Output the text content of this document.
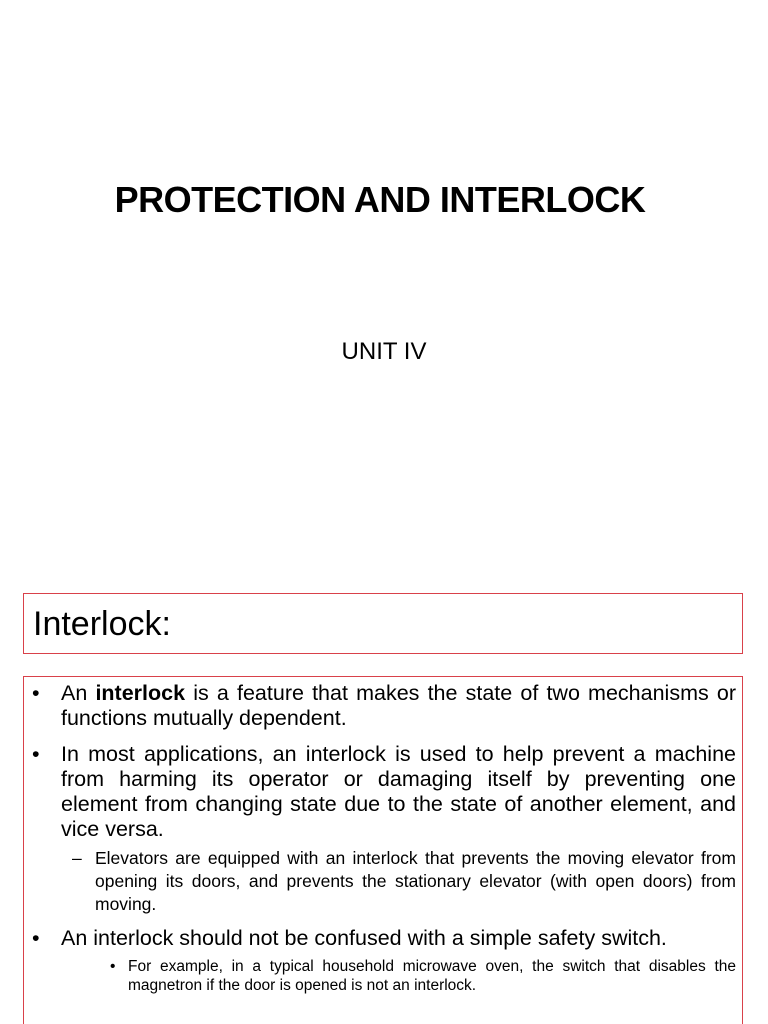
PROTECTION AND INTERLOCK
UNIT IV
Interlock:
• An interlock is a feature that makes the state of two mechanisms or functions mutually dependent.
• In most applications, an interlock is used to help prevent a machine from harming its operator or damaging itself by preventing one element from changing state due to the state of another element, and vice versa.
– Elevators are equipped with an interlock that prevents the moving elevator from opening its doors, and prevents the stationary elevator (with open doors) from moving.
• An interlock should not be confused with a simple safety switch.
• For example, in a typical household microwave oven, the switch that disables the magnetron if the door is opened is not an interlock.
